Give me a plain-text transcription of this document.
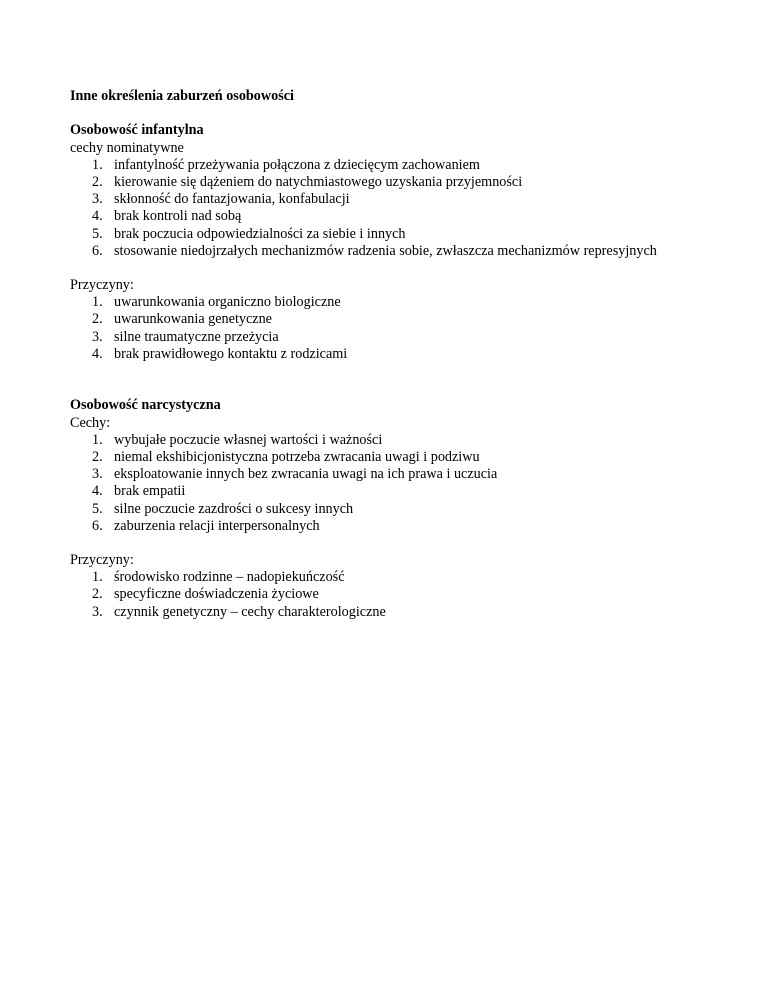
Inne określenia zaburzeń osobowości
Osobowość infantylna
cechy nominatywne
1. infantylność przeżywania połączona z dziecięcym zachowaniem
2. kierowanie się dążeniem do natychmiastowego uzyskania przyjemności
3. skłonność do fantazjowania, konfabulacji
4. brak kontroli nad sobą
5. brak poczucia odpowiedzialności za siebie i innych
6. stosowanie niedojrzałych mechanizmów radzenia sobie, zwłaszcza mechanizmów represyjnych
Przyczyny:
1. uwarunkowania organiczno biologiczne
2. uwarunkowania genetyczne
3. silne traumatyczne przeżycia
4. brak prawidłowego kontaktu z rodzicami
Osobowość narcystyczna
Cechy:
1. wybujałe poczucie własnej wartości i ważności
2. niemal ekshibicjonistyczna potrzeba zwracania uwagi i podziwu
3. eksploatowanie innych bez zwracania uwagi na ich prawa i uczucia
4. brak empatii
5. silne poczucie zazdrości o sukcesy innych
6. zaburzenia relacji interpersonalnych
Przyczyny:
1. środowisko rodzinne – nadopiekuńczość
2. specyficzne doświadczenia życiowe
3. czynnik genetyczny – cechy charakterologiczne
